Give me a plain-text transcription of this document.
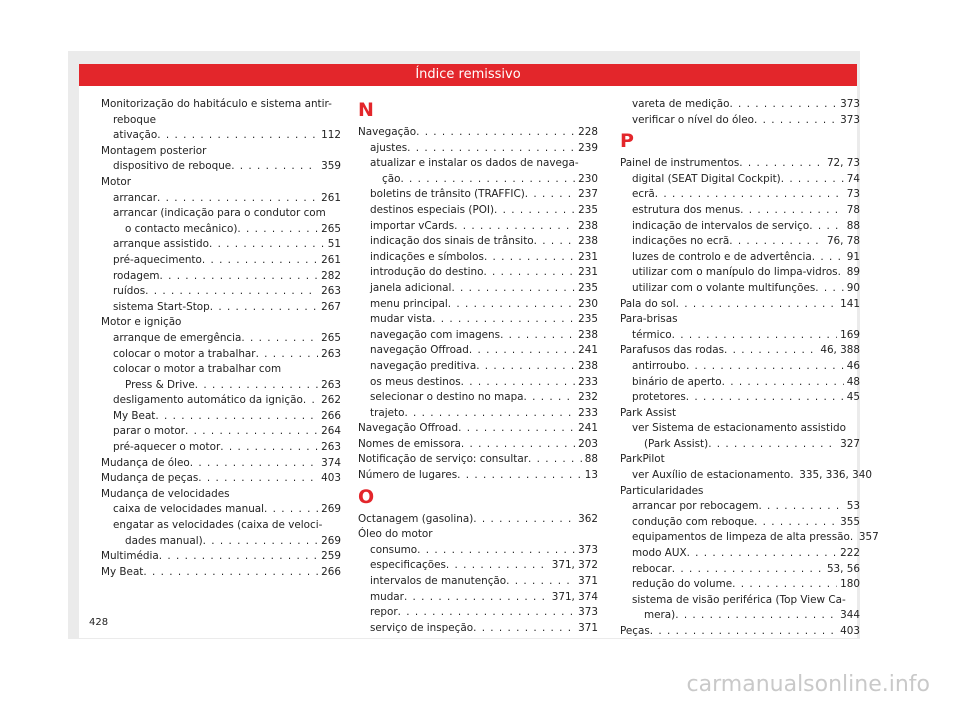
Índice remissivo
Monitorização do habitáculo e sistema antir-
reboque
ativação . . .	112
Montagem posterior
dispositivo de reboque . . .	359
Motor
arrancar . . .	261
arrancar (indicação para o condutor com
o contacto mecânico) . . .	265
arranque assistido . . .	51
pré-aquecimento . . .	261
rodagem . . .	282
ruídos . . .	263
sistema Start-Stop . . .	267
Motor e ignição
arranque de emergência . . .	265
colocar o motor a trabalhar . . .	263
colocar o motor a trabalhar com
Press & Drive . . .	263
desligamento automático da ignição . . . 262
My Beat . . .	266
parar o motor . . .	264
pré-aquecer o motor . . .	263
Mudança de óleo . . .	374
Mudança de peças . . .	403
Mudança de velocidades
caixa de velocidades manual . . .	269
engatar as velocidades (caixa de veloci-
dades manual) . . .	269
Multimédia . . .	259
My Beat . . .	266
N
Navegação . . .	228
ajustes . . .	239
atualizar e instalar os dados de navega-
ção . . .	230
boletins de trânsito (TRAFFIC) . . .	237
destinos especiais (POI) . . .	235
importar vCards . . .	238
indicação dos sinais de trânsito . . .	238
indicações e símbolos . . .	231
introdução do destino . . .	231
janela adicional . . .	235
menu principal . . .	230
mudar vista . . .	235
navegação com imagens . . .	238
navegação Offroad . . .	241
navegação preditiva . . .	238
os meus destinos . . .	233
selecionar o destino no mapa . . .	232
trajeto . . .	233
Navegação Offroad . . .	241
Nomes de emissora . . .	203
Notificação de serviço: consultar . . .	88
Número de lugares . . .	13
O
Octanagem (gasolina) . . .	362
Óleo do motor
consumo . . .	373
especificações . . .	371, 372
intervalos de manutenção . . .	371
mudar . . .	371, 374
repor . . .	373
serviço de inspeção . . .	371
vareta de medição . . .	373
verificar o nível do óleo . . .	373
P
Painel de instrumentos . . .	72, 73
digital (SEAT Digital Cockpit) . . .	74
ecrã . . .	73
estrutura dos menus . . .	78
indicação de intervalos de serviço . . .	88
indicações no ecrã . . .	76, 78
luzes de controlo e de advertência . . .	91
utilizar com o manípulo do limpa-vidros . . . 89
utilizar com o volante multifunções . . .	90
Pala do sol . . .	141
Para-brisas
térmico . . .	169
Parafusos das rodas . . .	46, 388
antirroubo . . .	46
binário de aperto . . .	48
protetores . . .	45
Park Assist
ver Sistema de estacionamento assistido
(Park Assist) . . .	327
ParkPilot
ver Auxílio de estacionamento . . . 335, 336, 340
Particularidades
arrancar por rebocagem . . .	53
condução com reboque . . .	355
equipamentos de limpeza de alta pressão . . . 357
modo AUX . . .	222
rebocar . . .	53, 56
redução do volume . . .	180
sistema de visão periférica (Top View Ca-
mera) . . .	344
Peças . . .	403
428
carmanualsonline.info
